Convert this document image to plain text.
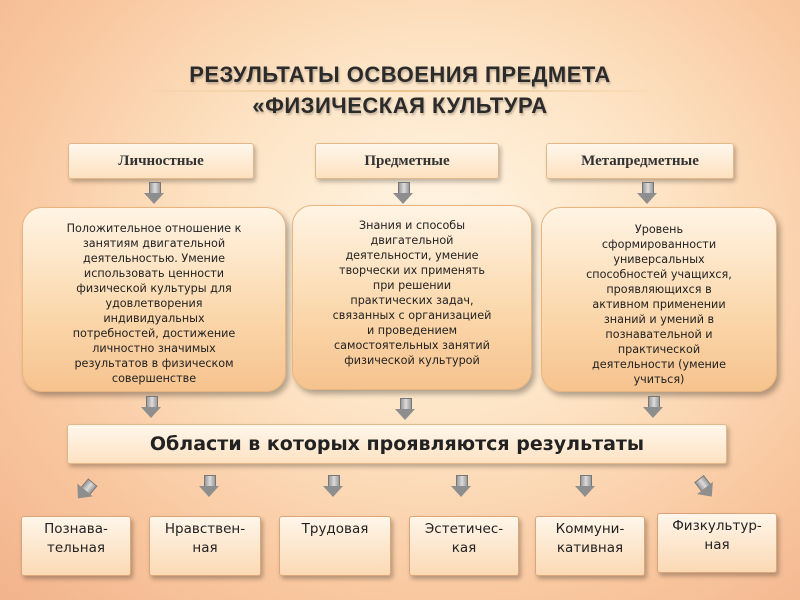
РЕЗУЛЬТАТЫ ОСВОЕНИЯ ПРЕДМЕТА
«ФИЗИЧЕСКАЯ КУЛЬТУРА
Личностные	Предметные	Метапредметные
Положительное отношение к
занятиям двигательной
деятельностью. Умение
использовать ценности
физической культуры для
удовлетворения
индивидуальных
потребностей, достижение
личностно значимых
результатов в физическом
совершенстве
Знания и способы
двигательной
деятельности, умение
творчески их применять
при решении
практических задач,
связанных с организацией
и проведением
самостоятельных занятий
физической культурой
Уровень
сформированности
универсальных
способностей учащихся,
проявляющихся в
активном применении
знаний и умений в
познавательной и
практической
деятельности (умение
учиться)
Области в которых проявляются результаты
Познава-
тельная
Нравствен-
ная
Трудовая	Эстетичес-
кая
Коммуни-
кативная
Физкультур-
ная
